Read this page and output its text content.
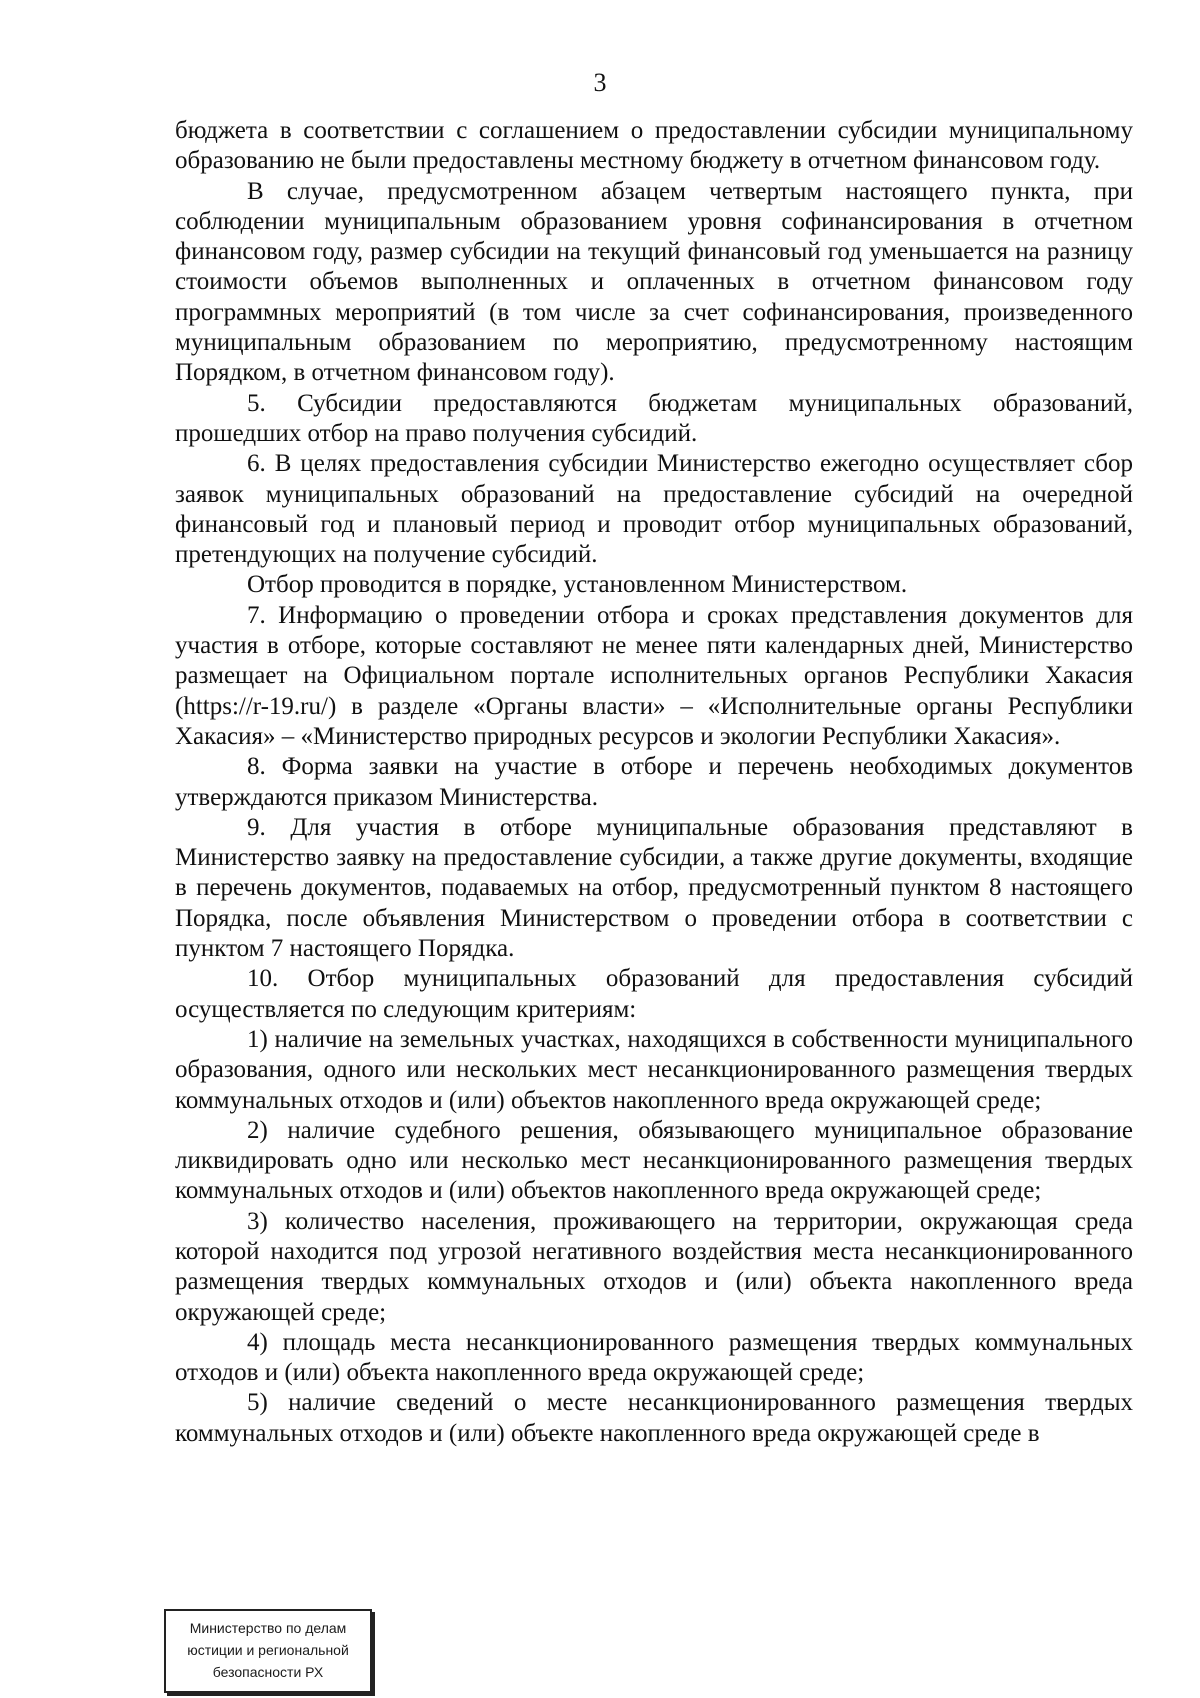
3

бюджета в соответствии с соглашением о предоставлении субсидии муниципальному образованию не были предоставлены местному бюджету в отчетном финансовом году.

В случае, предусмотренном абзацем четвертым настоящего пункта, при соблюдении муниципальным образованием уровня софинансирования в отчетном финансовом году, размер субсидии на текущий финансовый год уменьшается на разницу стоимости объемов выполненных и оплаченных в отчетном финансовом году программных мероприятий (в том числе за счет софинансирования, произведенного муниципальным образованием по мероприятию, предусмотренному настоящим Порядком, в отчетном финансовом году).

5. Субсидии предоставляются бюджетам муниципальных образований, прошедших отбор на право получения субсидий.

6. В целях предоставления субсидии Министерство ежегодно осуществляет сбор заявок муниципальных образований на предоставление субсидий на очередной финансовый год и плановый период и проводит отбор муниципальных образований, претендующих на получение субсидий.

Отбор проводится в порядке, установленном Министерством.

7. Информацию о проведении отбора и сроках представления документов для участия в отборе, которые составляют не менее пяти календарных дней, Министерство размещает на Официальном портале исполнительных органов Республики Хакасия (https://r-19.ru/) в разделе «Органы власти» – «Исполнительные органы Республики Хакасия» – «Министерство природных ресурсов и экологии Республики Хакасия».

8. Форма заявки на участие в отборе и перечень необходимых документов утверждаются приказом Министерства.

9. Для участия в отборе муниципальные образования представляют в Министерство заявку на предоставление субсидии, а также другие документы, входящие в перечень документов, подаваемых на отбор, предусмотренный пунктом 8 настоящего Порядка, после объявления Министерством о проведении отбора в соответствии с пунктом 7 настоящего Порядка.

10. Отбор муниципальных образований для предоставления субсидий осуществляется по следующим критериям:

1) наличие на земельных участках, находящихся в собственности муниципального образования, одного или нескольких мест несанкционированного размещения твердых коммунальных отходов и (или) объектов накопленного вреда окружающей среде;

2) наличие судебного решения, обязывающего муниципальное образование ликвидировать одно или несколько мест несанкционированного размещения твердых коммунальных отходов и (или) объектов накопленного вреда окружающей среде;

3) количество населения, проживающего на территории, окружающая среда которой находится под угрозой негативного воздействия места несанкционированного размещения твердых коммунальных отходов и (или) объекта накопленного вреда окружающей среде;

4) площадь места несанкционированного размещения твердых коммунальных отходов и (или) объекта накопленного вреда окружающей среде;

5) наличие сведений о месте несанкционированного размещения твердых коммунальных отходов и (или) объекте накопленного вреда окружающей среде в

Министерство по делам
юстиции и региональной
безопасности РХ
